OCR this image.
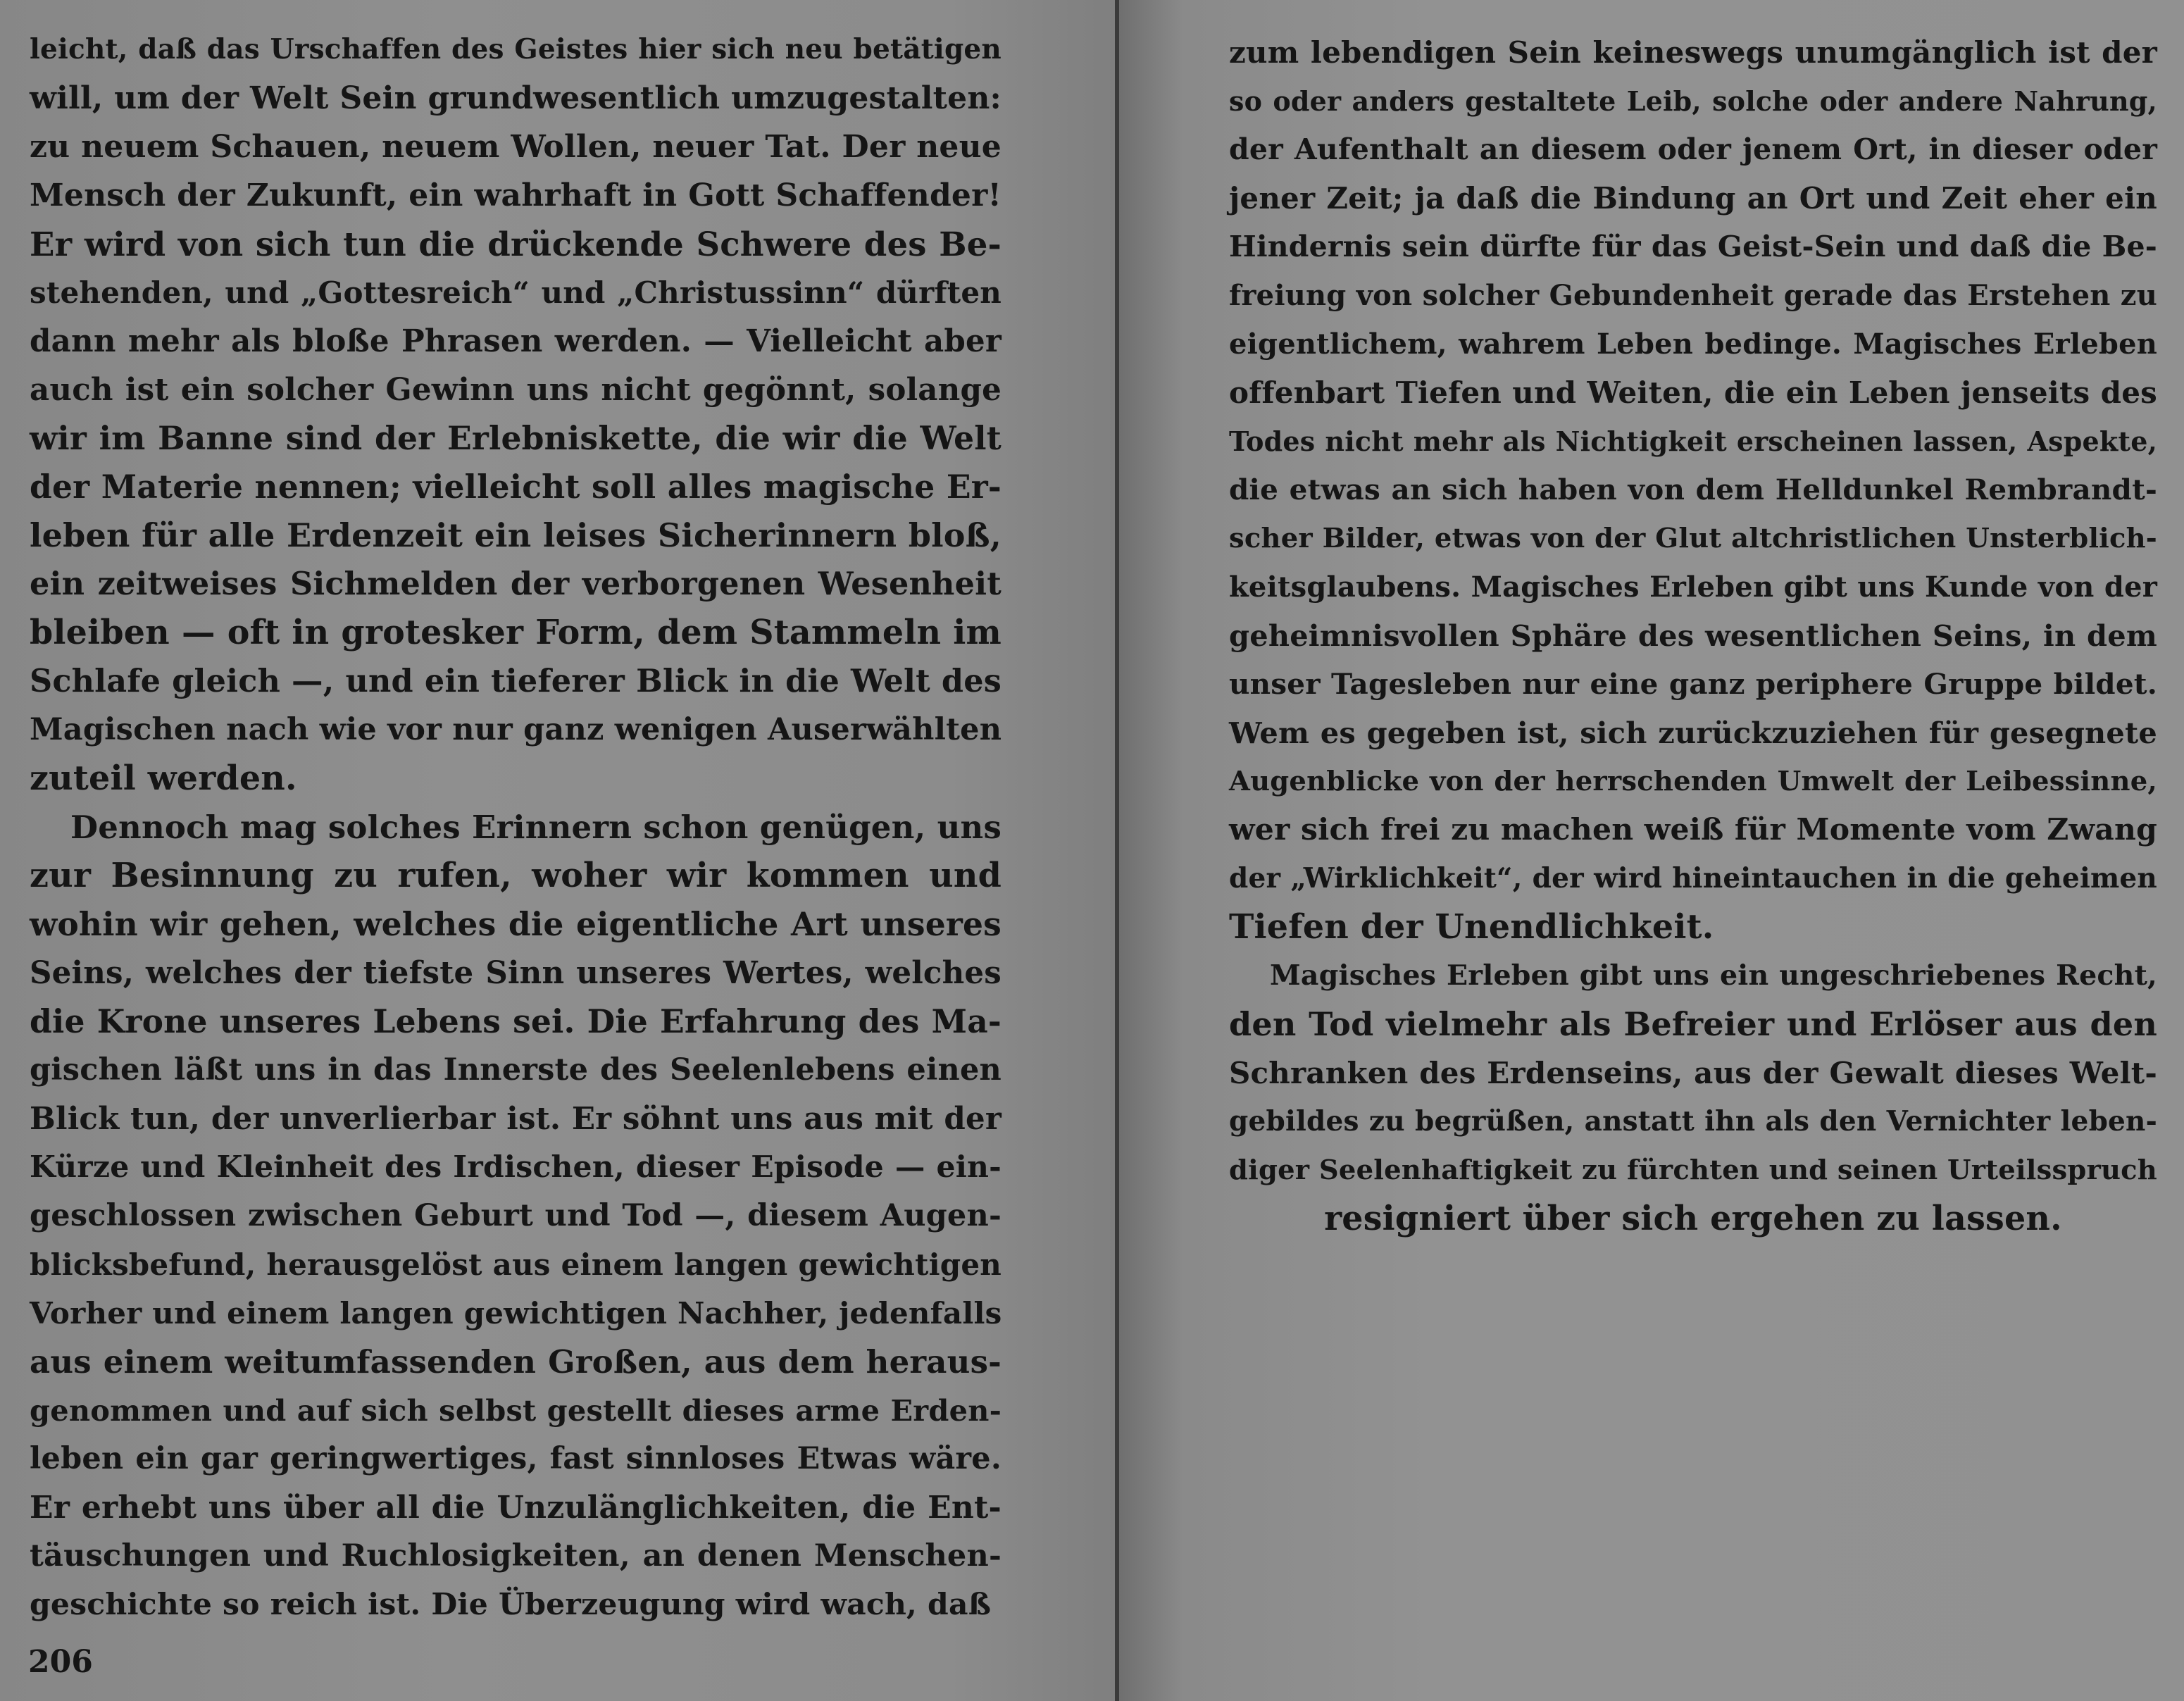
leicht, daß das Urschaffen des Geistes hier sich neu betätigen
will, um der Welt Sein grundwesentlich umzugestalten:
zu neuem Schauen, neuem Wollen, neuer Tat. Der neue
Mensch der Zukunft, ein wahrhaft in Gott Schaffender!
Er wird von sich tun die drückende Schwere des Be-
stehenden, und „Gottesreich“ und „Christussinn“ dürften
dann mehr als bloße Phrasen werden. — Vielleicht aber
auch ist ein solcher Gewinn uns nicht gegönnt, solange
wir im Banne sind der Erlebniskette, die wir die Welt
der Materie nennen; vielleicht soll alles magische Er-
leben für alle Erdenzeit ein leises Sicherinnern bloß,
ein zeitweises Sichmelden der verborgenen Wesenheit
bleiben — oft in grotesker Form, dem Stammeln im
Schlafe gleich —, und ein tieferer Blick in die Welt des
Magischen nach wie vor nur ganz wenigen Auserwählten
zuteil werden.
Dennoch mag solches Erinnern schon genügen, uns
zur Besinnung zu rufen, woher wir kommen und
wohin wir gehen, welches die eigentliche Art unseres
Seins, welches der tiefste Sinn unseres Wertes, welches
die Krone unseres Lebens sei. Die Erfahrung des Ma-
gischen läßt uns in das Innerste des Seelenlebens einen
Blick tun, der unverlierbar ist. Er söhnt uns aus mit der
Kürze und Kleinheit des Irdischen, dieser Episode — ein-
geschlossen zwischen Geburt und Tod —, diesem Augen-
blicksbefund, herausgelöst aus einem langen gewichtigen
Vorher und einem langen gewichtigen Nachher, jedenfalls
aus einem weitumfassenden Großen, aus dem heraus-
genommen und auf sich selbst gestellt dieses arme Erden-
leben ein gar geringwertiges, fast sinnloses Etwas wäre.
Er erhebt uns über all die Unzulänglichkeiten, die Ent-
täuschungen und Ruchlosigkeiten, an denen Menschen-
geschichte so reich ist. Die Überzeugung wird wach, daß
206
zum lebendigen Sein keineswegs unumgänglich ist der
so oder anders gestaltete Leib, solche oder andere Nahrung,
der Aufenthalt an diesem oder jenem Ort, in dieser oder
jener Zeit; ja daß die Bindung an Ort und Zeit eher ein
Hindernis sein dürfte für das Geist-Sein und daß die Be-
freiung von solcher Gebundenheit gerade das Erstehen zu
eigentlichem, wahrem Leben bedinge. Magisches Erleben
offenbart Tiefen und Weiten, die ein Leben jenseits des
Todes nicht mehr als Nichtigkeit erscheinen lassen, Aspekte,
die etwas an sich haben von dem Helldunkel Rembrandt-
scher Bilder, etwas von der Glut altchristlichen Unsterblich-
keitsglaubens. Magisches Erleben gibt uns Kunde von der
geheimnisvollen Sphäre des wesentlichen Seins, in dem
unser Tagesleben nur eine ganz periphere Gruppe bildet.
Wem es gegeben ist, sich zurückzuziehen für gesegnete
Augenblicke von der herrschenden Umwelt der Leibessinne,
wer sich frei zu machen weiß für Momente vom Zwang
der „Wirklichkeit“, der wird hineintauchen in die geheimen
Tiefen der Unendlichkeit.
Magisches Erleben gibt uns ein ungeschriebenes Recht,
den Tod vielmehr als Befreier und Erlöser aus den
Schranken des Erdenseins, aus der Gewalt dieses Welt-
gebildes zu begrüßen, anstatt ihn als den Vernichter leben-
diger Seelenhaftigkeit zu fürchten und seinen Urteilsspruch
resigniert über sich ergehen zu lassen.
